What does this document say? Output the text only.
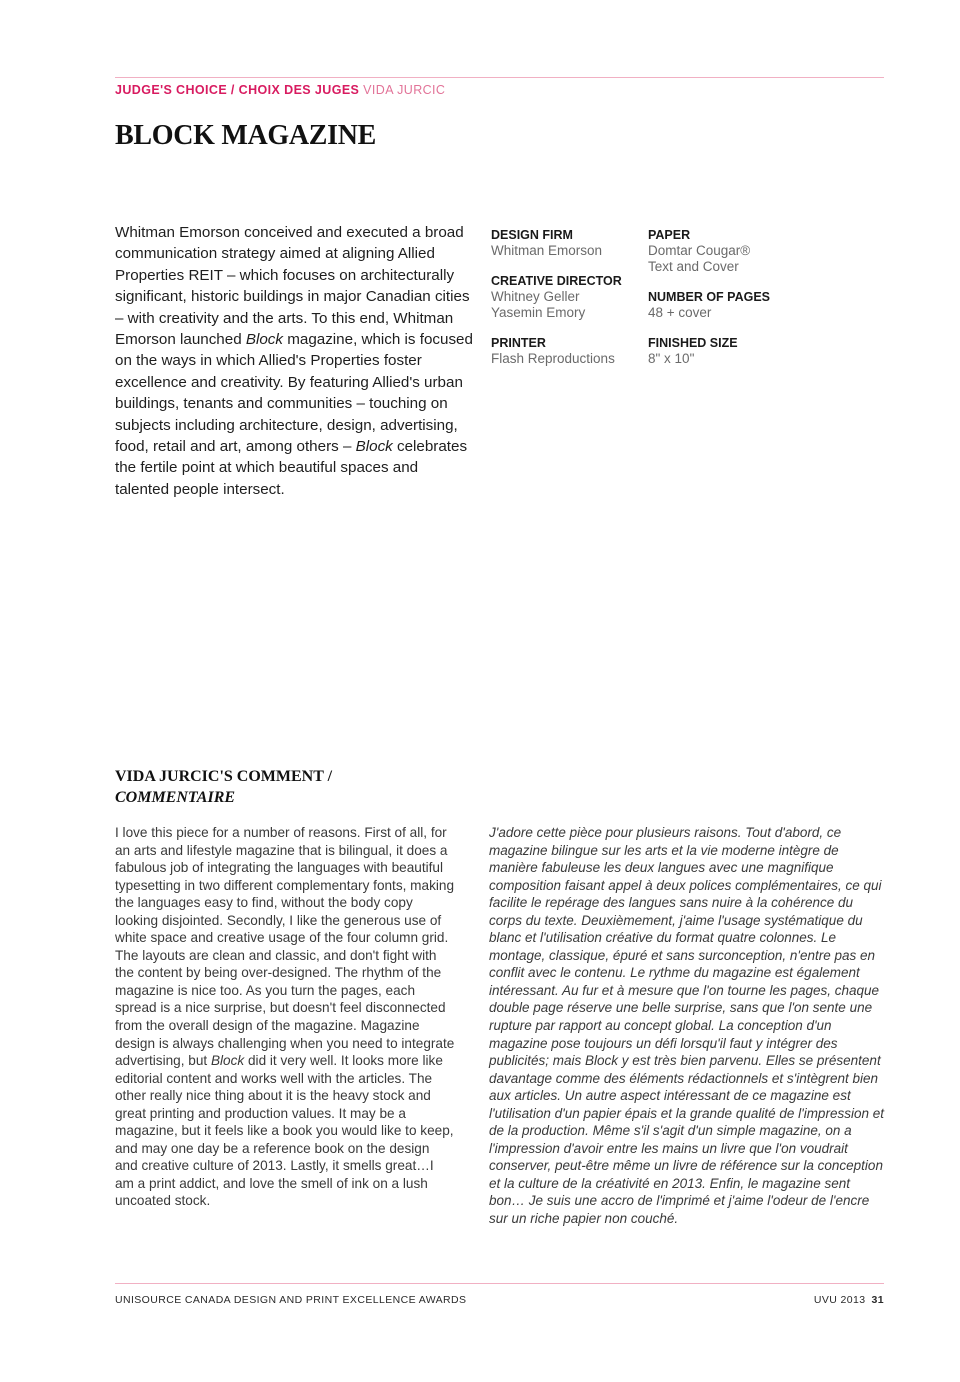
JUDGE'S CHOICE / CHOIX DES JUGES VIDA JURCIC
BLOCK MAGAZINE

Whitman Emorson conceived and executed a broad communication strategy aimed at aligning Allied Properties REIT – which focuses on architecturally significant, historic buildings in major Canadian cities – with creativity and the arts. To this end, Whitman Emorson launched Block magazine, which is focused on the ways in which Allied's Properties foster excellence and creativity. By featuring Allied's urban buildings, tenants and communities – touching on subjects including architecture, design, advertising, food, retail and art, among others – Block celebrates the fertile point at which beautiful spaces and talented people intersect.

DESIGN FIRM
Whitman Emorson
CREATIVE DIRECTOR
Whitney Geller
Yasemin Emory
PRINTER
Flash Reproductions
PAPER
Domtar Cougar®
Text and Cover
NUMBER OF PAGES
48 + cover
FINISHED SIZE
8" x 10"
VIDA JURCIC'S COMMENT /
COMMENTAIRE

I love this piece for a number of reasons. First of all, for an arts and lifestyle magazine that is bilingual, it does a fabulous job of integrating the languages with beautiful typesetting in two different complementary fonts, making the languages easy to find, without the body copy looking disjointed. Secondly, I like the generous use of white space and creative usage of the four column grid. The layouts are clean and classic, and don't fight with the content by being over-designed. The rhythm of the magazine is nice too. As you turn the pages, each spread is a nice surprise, but doesn't feel disconnected from the overall design of the magazine. Magazine design is always challenging when you need to integrate advertising, but Block did it very well. It looks more like editorial content and works well with the articles. The other really nice thing about it is the heavy stock and great printing and production values. It may be a magazine, but it feels like a book you would like to keep, and may one day be a reference book on the design and creative culture of 2013. Lastly, it smells great…I am a print addict, and love the smell of ink on a lush uncoated stock.

J'adore cette pièce pour plusieurs raisons. Tout d'abord, ce magazine bilingue sur les arts et la vie moderne intègre de manière fabuleuse les deux langues avec une magnifique composition faisant appel à deux polices complémentaires, ce qui facilite le repérage des langues sans nuire à la cohérence du corps du texte. Deuxièmement, j'aime l'usage systématique du blanc et l'utilisation créative du format quatre colonnes. Le montage, classique, épuré et sans surconception, n'entre pas en conflit avec le contenu. Le rythme du magazine est également intéressant. Au fur et à mesure que l'on tourne les pages, chaque double page réserve une belle surprise, sans que l'on sente une rupture par rapport au concept global. La conception d'un magazine pose toujours un défi lorsqu'il faut y intégrer des publicités; mais Block y est très bien parvenu. Elles se présentent davantage comme des éléments rédactionnels et s'intègrent bien aux articles. Un autre aspect intéressant de ce magazine est l'utilisation d'un papier épais et la grande qualité de l'impression et de la production. Même s'il s'agit d'un simple magazine, on a l'impression d'avoir entre les mains un livre que l'on voudrait conserver, peut-être même un livre de référence sur la conception et la culture de la créativité en 2013. Enfin, le magazine sent bon… Je suis une accro de l'imprimé et j'aime l'odeur de l'encre sur un riche papier non couché.

UNISOURCE CANADA DESIGN AND PRINT EXCELLENCE AWARDS	UVU 2013 31
